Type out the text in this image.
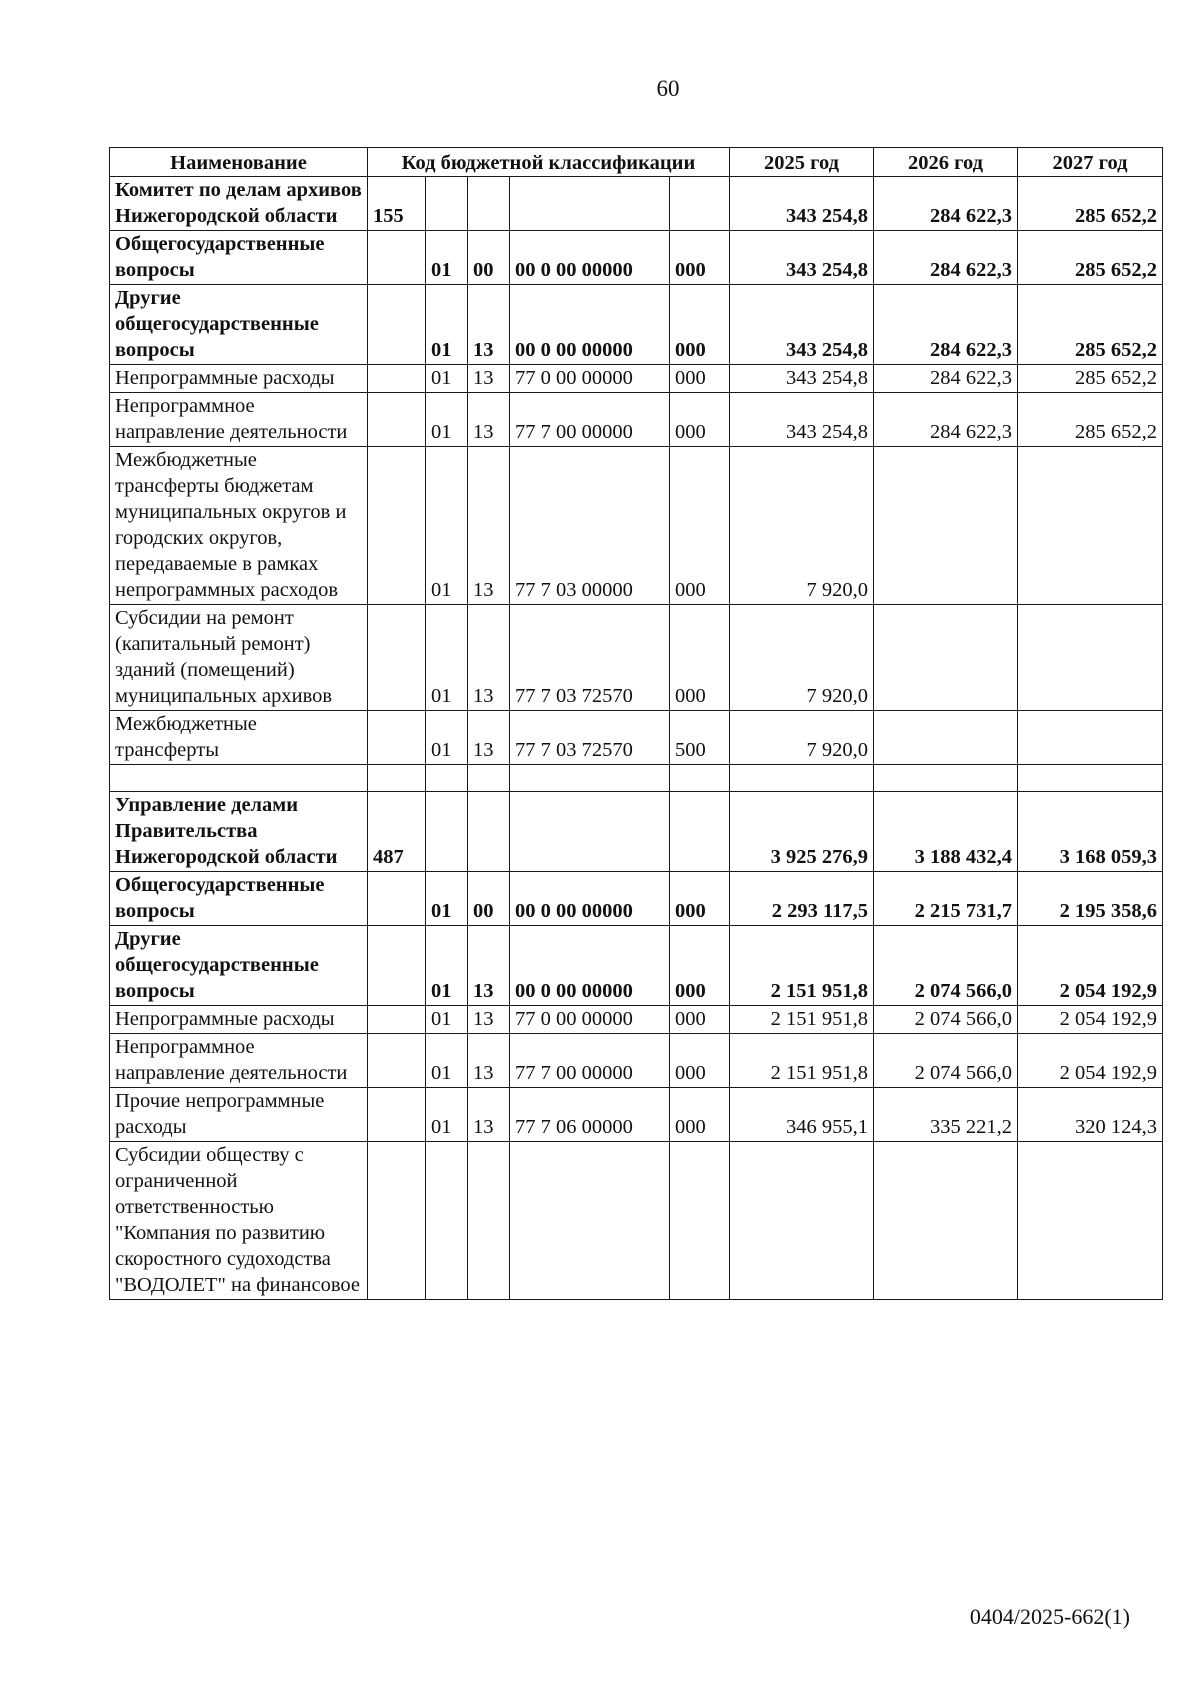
60
Наименование	Код бюджетной классификации					2025 год	2026 год	2027 год
Комитет по делам архивов Нижегородской области	155					343 254,8	284 622,3	285 652,2
Общегосударственные вопросы		01	00	00 0 00 00000	000	343 254,8	284 622,3	285 652,2
Другие общегосударственные вопросы		01	13	00 0 00 00000	000	343 254,8	284 622,3	285 652,2
Непрограммные расходы		01	13	77 0 00 00000	000	343 254,8	284 622,3	285 652,2
Непрограммное направление деятельности		01	13	77 7 00 00000	000	343 254,8	284 622,3	285 652,2
Межбюджетные трансферты бюджетам муниципальных округов и городских округов, передаваемые в рамках непрограммных расходов		01	13	77 7 03 00000	000	7 920,0		
Субсидии на ремонт (капитальный ремонт) зданий (помещений) муниципальных архивов		01	13	77 7 03 72570	000	7 920,0		
Межбюджетные трансферты		01	13	77 7 03 72570	500	7 920,0		

Управление делами Правительства Нижегородской области	487					3 925 276,9	3 188 432,4	3 168 059,3
Общегосударственные вопросы		01	00	00 0 00 00000	000	2 293 117,5	2 215 731,7	2 195 358,6
Другие общегосударственные вопросы		01	13	00 0 00 00000	000	2 151 951,8	2 074 566,0	2 054 192,9
Непрограммные расходы		01	13	77 0 00 00000	000	2 151 951,8	2 074 566,0	2 054 192,9
Непрограммное направление деятельности		01	13	77 7 00 00000	000	2 151 951,8	2 074 566,0	2 054 192,9
Прочие непрограммные расходы		01	13	77 7 06 00000	000	346 955,1	335 221,2	320 124,3
Субсидии обществу с ограниченной ответственностью "Компания по развитию скоростного судоходства "ВОДОЛЕТ" на финансовое								
0404/2025-662(1)
